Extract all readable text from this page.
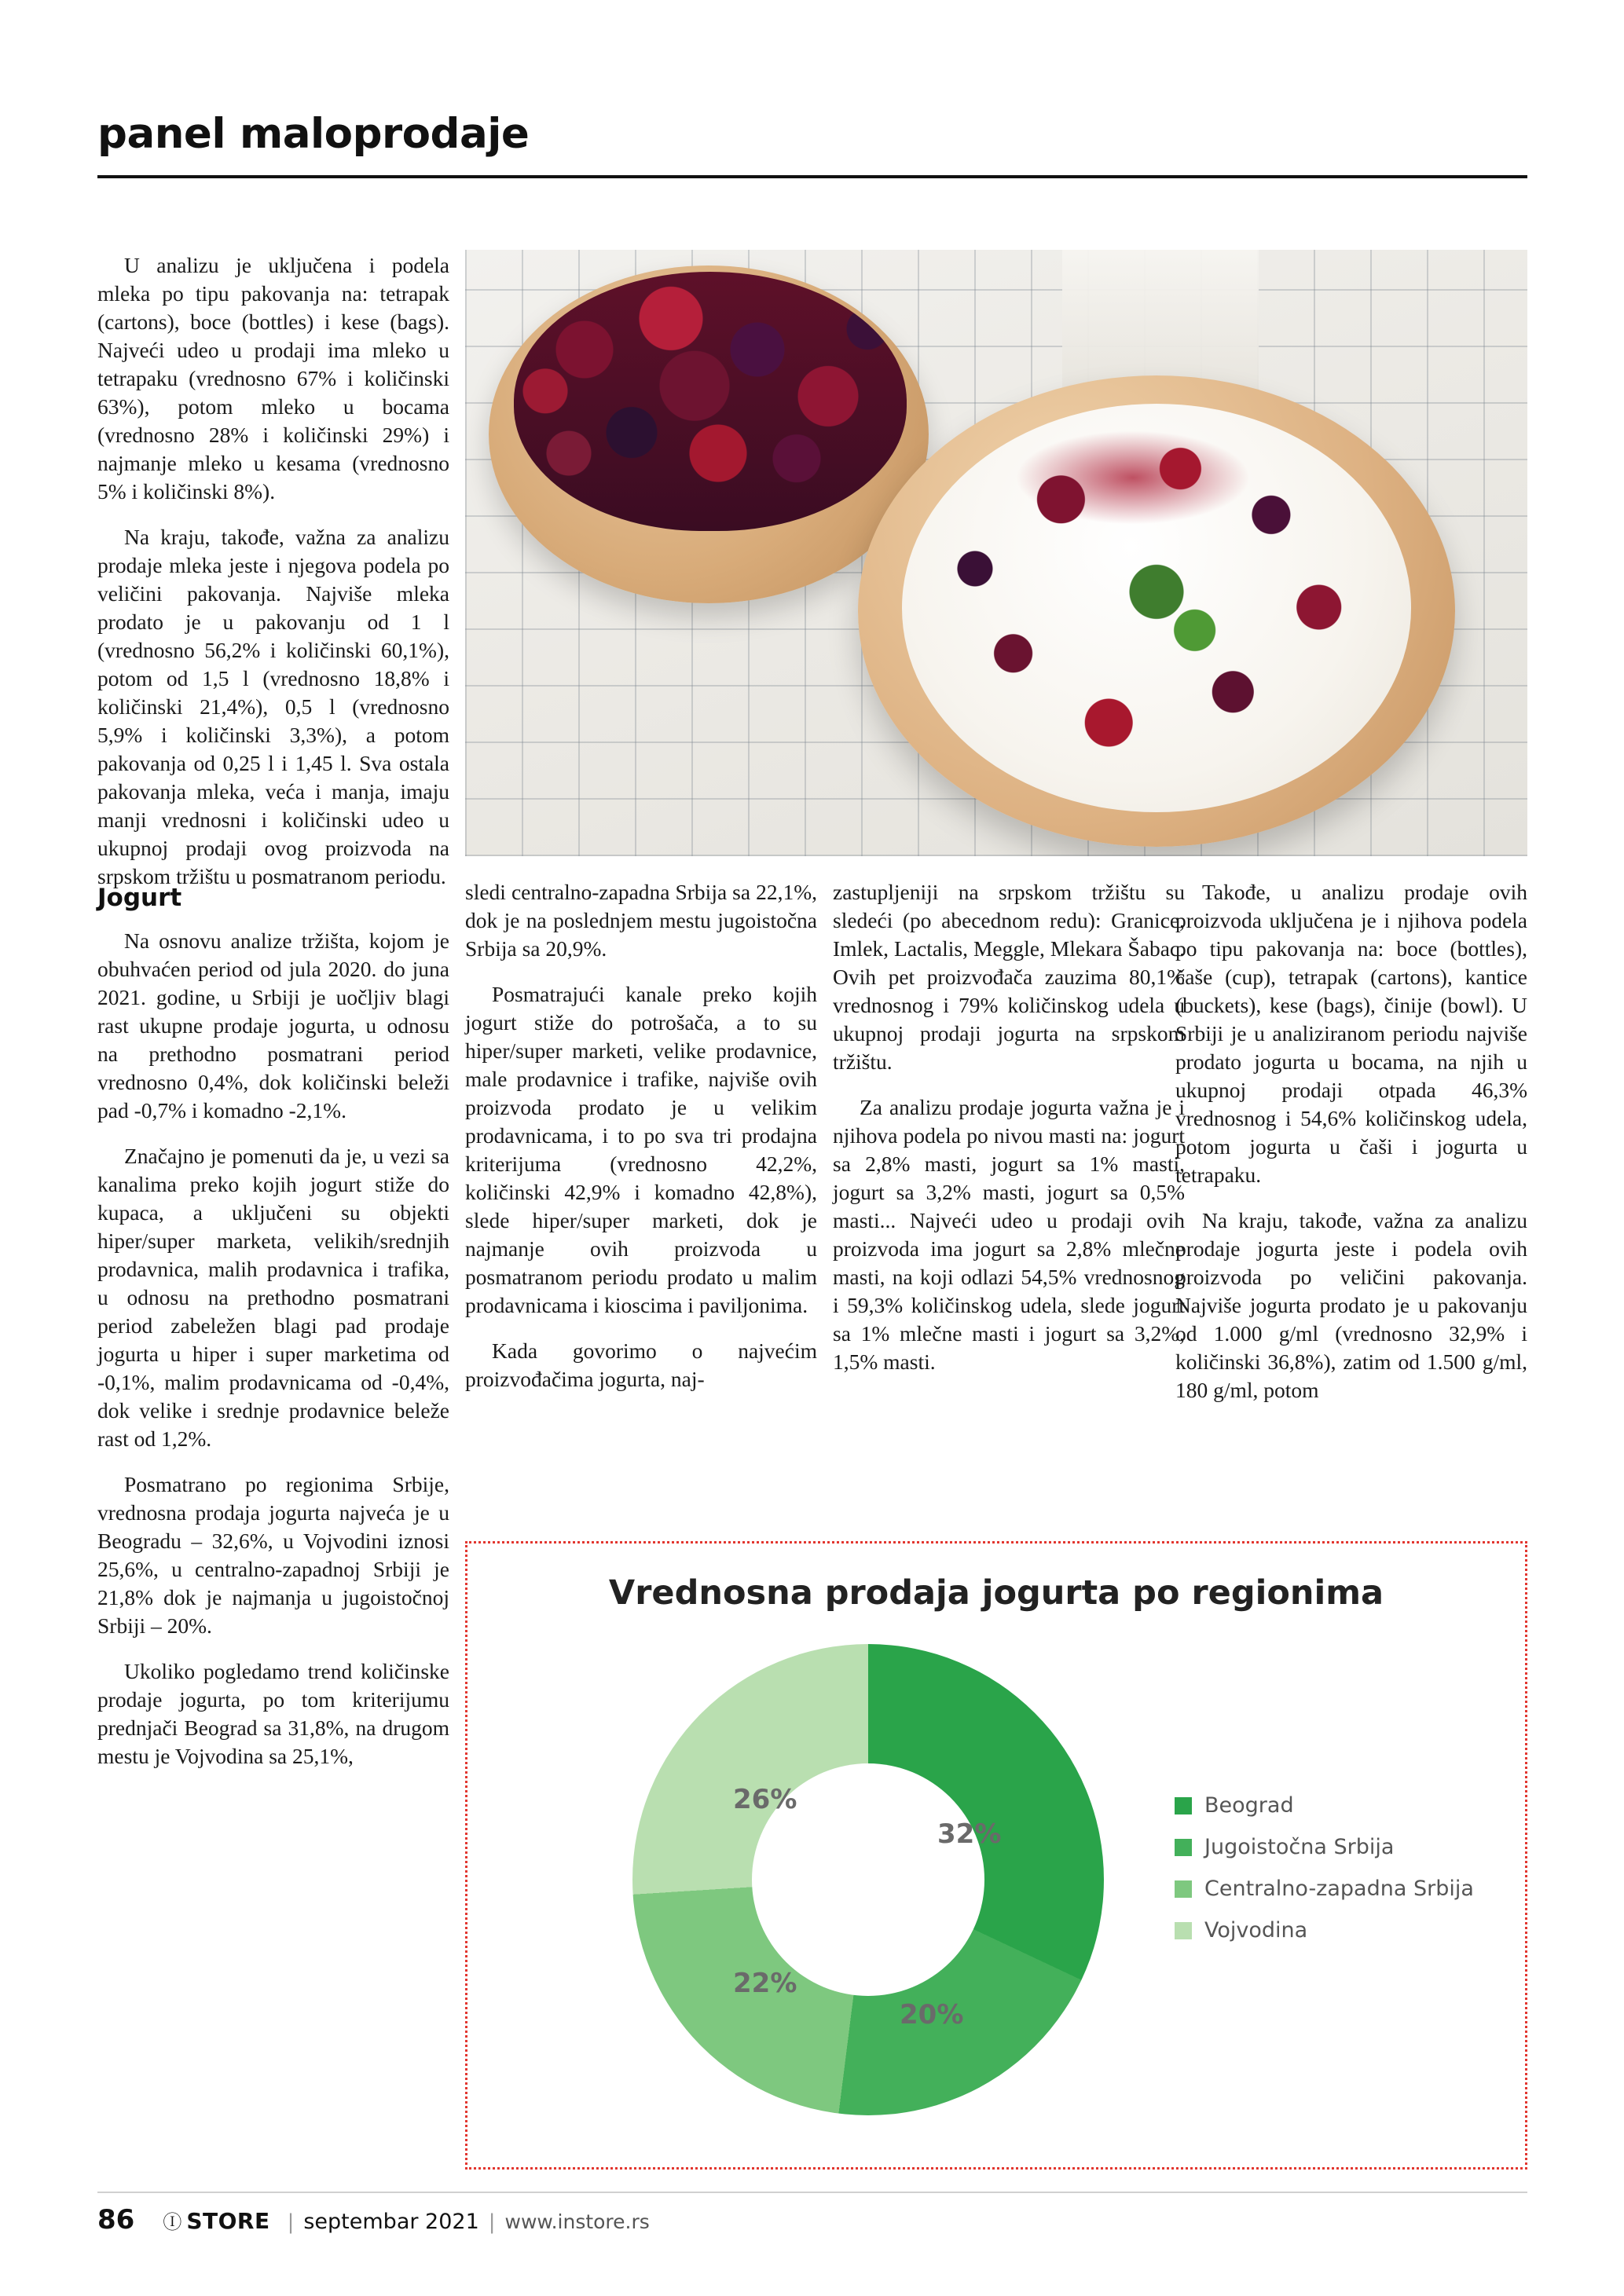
panel maloprodaje

U analizu je uključena i podela mleka po tipu pakovanja na: tetrapak (cartons), boce (bottles) i kese (bags). Najveći udeo u prodaji ima mleko u tetrapaku (vrednosno 67% i količinski 63%), potom mleko u bocama (vrednosno 28% i količinski 29%) i najmanje mleko u kesama (vrednosno 5% i količinski 8%).

Na kraju, takođe, važna za analizu prodaje mleka jeste i njegova podela po veličini pakovanja. Najviše mleka prodato je u pakovanju od 1 l (vrednosno 56,2% i količinski 60,1%), potom od 1,5 l (vrednosno 18,8% i količinski 21,4%), 0,5 l (vrednosno 5,9% i količinski 3,3%), a potom pakovanja od 0,25 l i 1,45 l. Sva ostala pakovanja mleka, veća i manja, imaju manji vrednosni i količinski udeo u ukupnoj prodaji ovog proizvoda na srpskom tržištu u posmatranom periodu.

Jogurt

Na osnovu analize tržišta, kojom je obuhvaćen period od jula 2020. do juna 2021. godine, u Srbiji je uočljiv blagi rast ukupne prodaje jogurta, u odnosu na prethodno posmatrani period vrednosno 0,4%, dok količinski beleži pad -0,7% i komadno -2,1%.

Značajno je pomenuti da je, u vezi sa kanalima preko kojih jogurt stiže do kupaca, a uključeni su objekti hiper/super marketa, velikih/srednjih prodavnica, malih prodavnica i trafika, u odnosu na prethodno posmatrani period zabeležen blagi pad prodaje jogurta u hiper i super marketima od -0,1%, malim prodavnicama od -0,4%, dok velike i srednje prodavnice beleže rast od 1,2%.

Posmatrano po regionima Srbije, vrednosna prodaja jogurta najveća je u Beogradu – 32,6%, u Vojvodini iznosi 25,6%, u centralno-zapadnoj Srbiji je 21,8% dok je najmanja u jugoistočnoj Srbiji – 20%.

Ukoliko pogledamo trend količinske prodaje jogurta, po tom kriterijumu prednjači Beograd sa 31,8%, na drugom mestu je Vojvodina sa 25,1%,

sledi centralno-zapadna Srbija sa 22,1%, dok je na poslednjem mestu jugoistočna Srbija sa 20,9%.

Posmatrajući kanale preko kojih jogurt stiže do potrošača, a to su hiper/super marketi, velike prodavnice, male prodavnice i trafike, najviše ovih proizvoda prodato je u velikim prodavnicama, i to po sva tri prodajna kriterijuma (vrednosno 42,2%, količinski 42,9% i komadno 42,8%), slede hiper/super marketi, dok je najmanje ovih proizvoda u posmatranom periodu prodato u malim prodavnicama i kioscima i paviljonima.

Kada govorimo o najvećim proizvođačima jogurta, naj-

zastupljeniji na srpskom tržištu su sledeći (po abecednom redu): Granice, Imlek, Lactalis, Meggle, Mlekara Šabac. Ovih pet proizvođača zauzima 80,1% vrednosnog i 79% količinskog udela u ukupnoj prodaji jogurta na srpskom tržištu.

Za analizu prodaje jogurta važna je i njihova podela po nivou masti na: jogurt sa 2,8% masti, jogurt sa 1% masti, jogurt sa 3,2% masti, jogurt sa 0,5% masti... Najveći udeo u prodaji ovih proizvoda ima jogurt sa 2,8% mlečne masti, na koji odlazi 54,5% vrednosnog i 59,3% količinskog udela, slede jogurt sa 1% mlečne masti i jogurt sa 3,2%, 1,5% masti.

Takođe, u analizu prodaje ovih proizvoda uključena je i njihova podela po tipu pakovanja na: boce (bottles), čaše (cup), tetrapak (cartons), kantice (buckets), kese (bags), činije (bowl). U Srbiji je u analiziranom periodu najviše prodato jogurta u bocama, na njih u ukupnoj prodaji otpada 46,3% vrednosnog i 54,6% količinskog udela, potom jogurta u čaši i jogurta u tetrapaku.

Na kraju, takođe, važna za analizu prodaje jogurta jeste i podela ovih proizvoda po veličini pakovanja. Najviše jogurta prodato je u pakovanju od 1.000 g/ml (vrednosno 32,9% i količinski 36,8%), zatim od 1.500 g/ml, 180 g/ml, potom

Vrednosna prodaja jogurta po regionima
32%
20%
22%
26%	Beograd
Jugoistočna Srbija
Centralno-zapadna Srbija
Vojvodina
86 Ⓘ STORE | septembar 2021 | www.instore.rs
